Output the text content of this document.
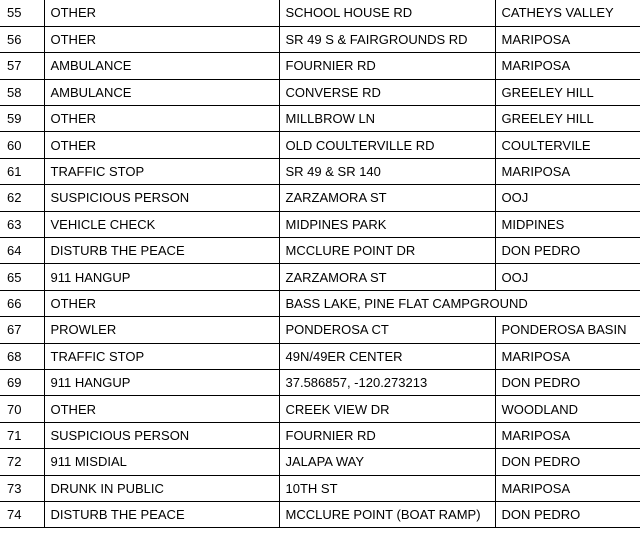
55	OTHER	SCHOOL HOUSE RD	CATHEYS VALLEY
56	OTHER	SR 49 S & FAIRGROUNDS RD	MARIPOSA
57	AMBULANCE	FOURNIER RD	MARIPOSA
58	AMBULANCE	CONVERSE RD	GREELEY HILL
59	OTHER	MILLBROW LN	GREELEY HILL
60	OTHER	OLD COULTERVILLE RD	COULTERVILE
61	TRAFFIC STOP	SR 49 & SR 140	MARIPOSA
62	SUSPICIOUS PERSON	ZARZAMORA ST	OOJ
63	VEHICLE CHECK	MIDPINES PARK	MIDPINES
64	DISTURB THE PEACE	MCCLURE POINT DR	DON PEDRO
65	911 HANGUP	ZARZAMORA ST	OOJ
66	OTHER	BASS LAKE, PINE FLAT CAMPGROUND	
67	PROWLER	PONDEROSA CT	PONDEROSA BASIN
68	TRAFFIC STOP	49N/49ER CENTER	MARIPOSA
69	911 HANGUP	37.586857, -120.273213	DON PEDRO
70	OTHER	CREEK VIEW DR	WOODLAND
71	SUSPICIOUS PERSON	FOURNIER RD	MARIPOSA
72	911 MISDIAL	JALAPA WAY	DON PEDRO
73	DRUNK IN PUBLIC	10TH ST	MARIPOSA
74	DISTURB THE PEACE	MCCLURE POINT (BOAT RAMP)	DON PEDRO
